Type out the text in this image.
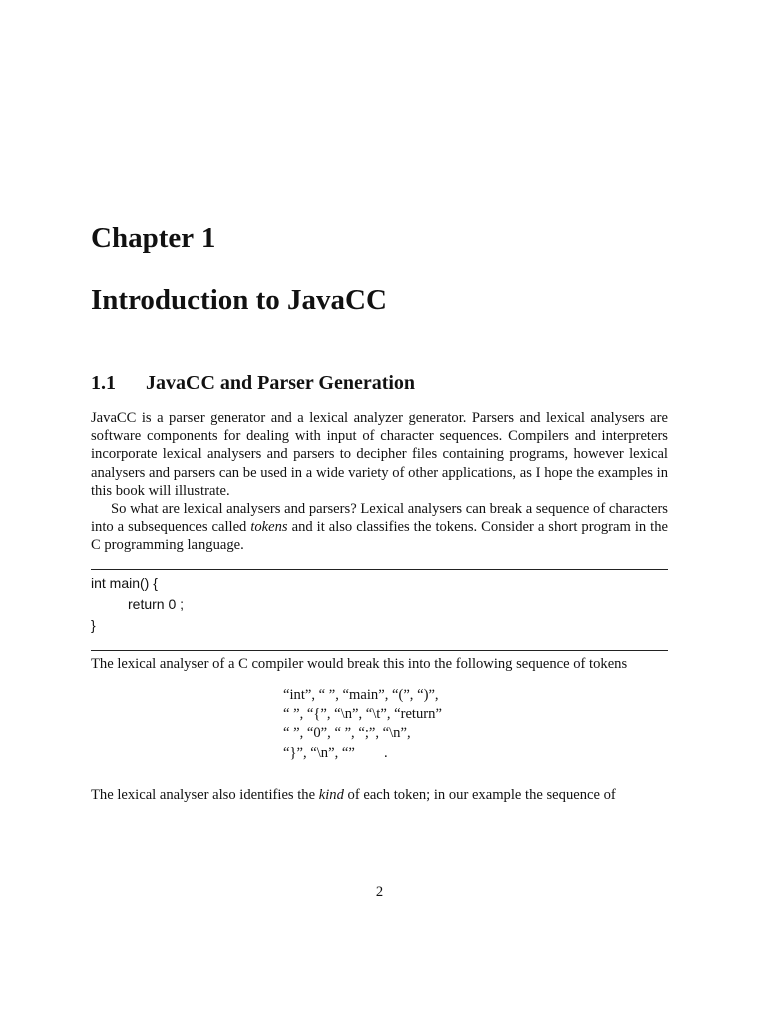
Chapter 1
Introduction to JavaCC
1.1 JavaCC and Parser Generation

JavaCC is a parser generator and a lexical analyzer generator. Parsers and lexical analysers are software components for dealing with input of character sequences. Compilers and interpreters incorporate lexical analysers and parsers to decipher files containing programs, however lexical analysers and parsers can be used in a wide variety of other applications, as I hope the examples in this book will illustrate.

So what are lexical analysers and parsers? Lexical analysers can break a sequence of characters into a subsequences called tokens and it also classifies the tokens. Consider a short program in the C programming language.

int main() {
return 0 ;
}

The lexical analyser of a C compiler would break this into the following sequence of tokens

“int”, “ ”, “main”, “(”, “)”,
“ ”, “{”, “\n”, “\t”, “return”
“ ”, “0”, “ ”, “;”, “\n”,
“}”, “\n”, “”        .

The lexical analyser also identifies the kind of each token; in our example the sequence of

2
